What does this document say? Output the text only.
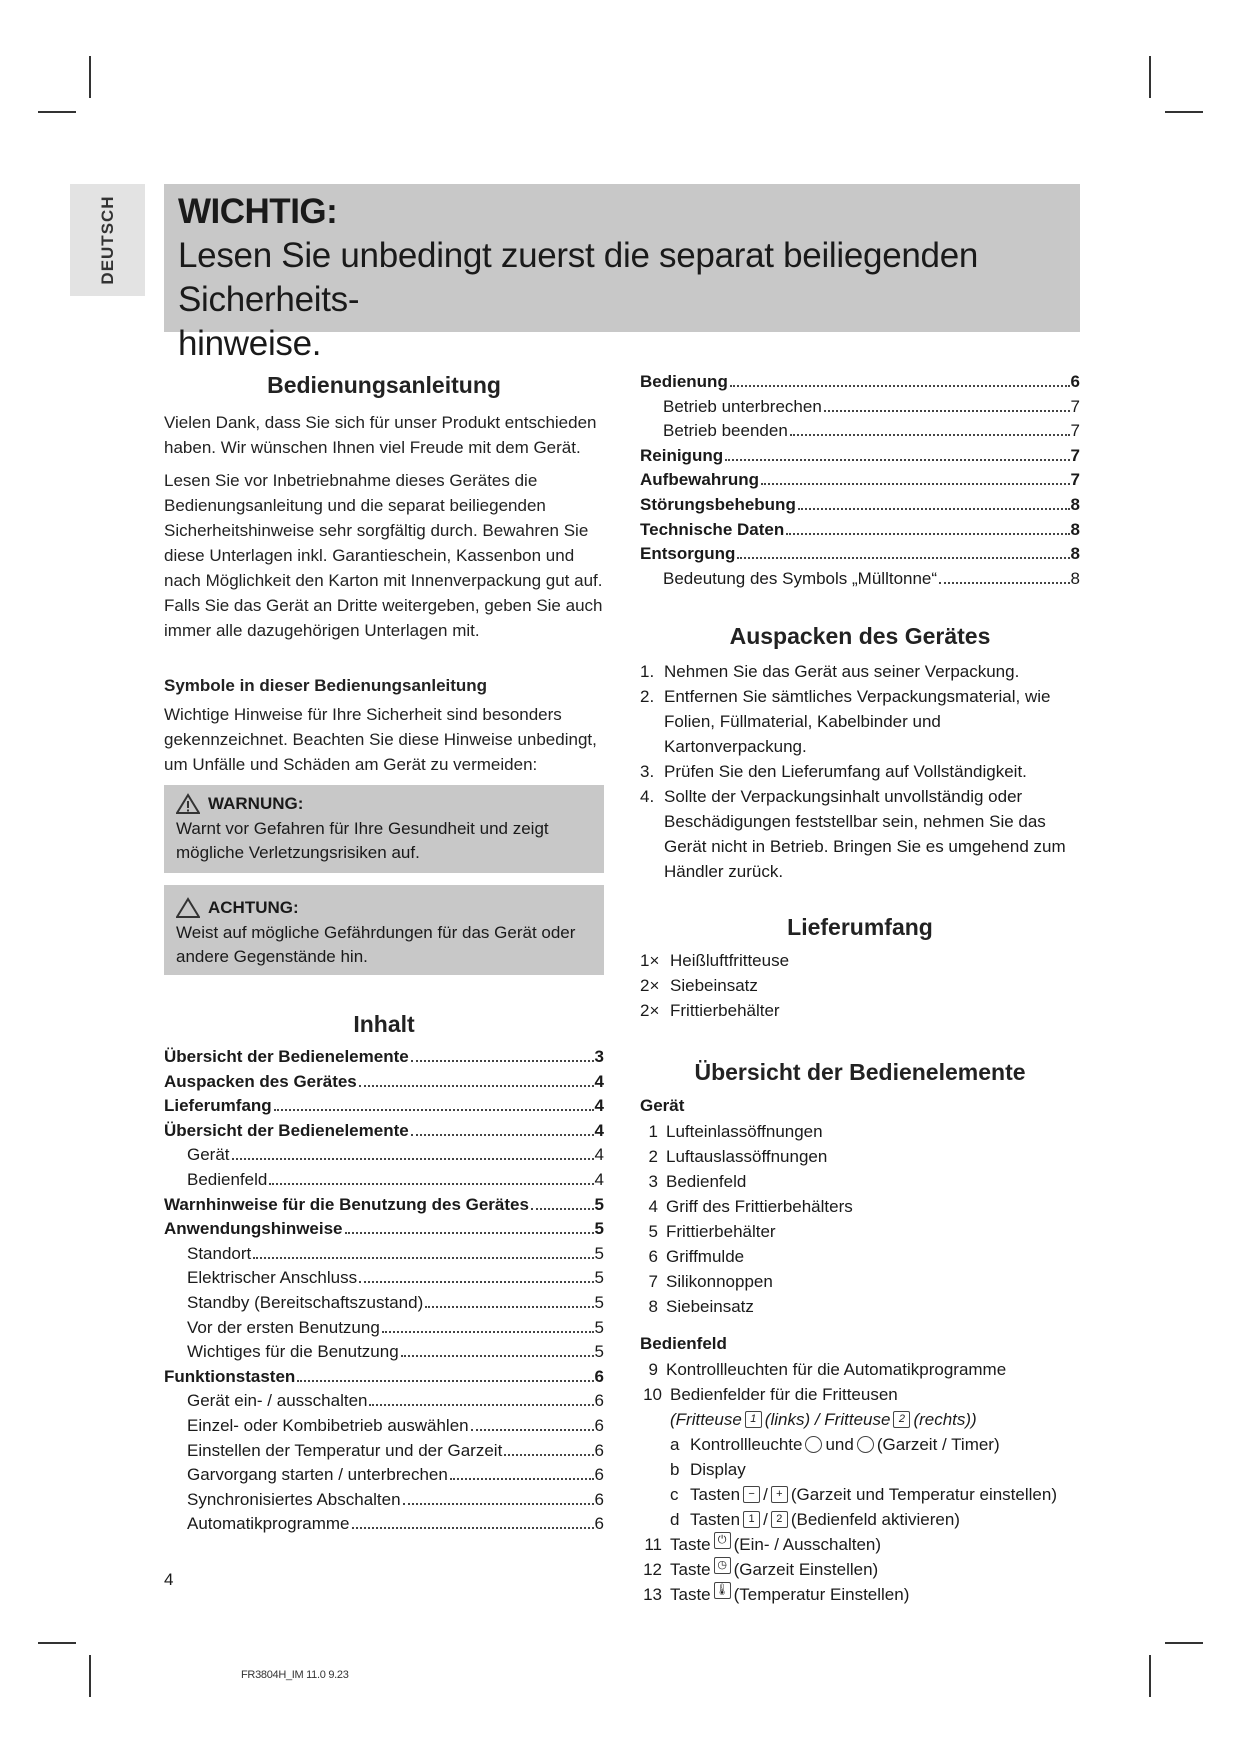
DEUTSCH WICHTIG:
Lesen Sie unbedingt zuerst die separat beiliegenden Sicherheits-
hinweise.
Bedienungsanleitung

Vielen Dank, dass Sie sich für unser Produkt entschieden haben. Wir wünschen Ihnen viel Freude mit dem Gerät.

Lesen Sie vor Inbetriebnahme dieses Gerätes die Bedienungsanleitung und die separat beiliegenden Sicherheitshinweise sehr sorgfältig durch. Bewahren Sie diese Unterlagen inkl. Garantieschein, Kassenbon und nach Möglichkeit den Karton mit Innenverpackung gut auf. Falls Sie das Gerät an Dritte weitergeben, geben Sie auch immer alle dazugehörigen Unterlagen mit.

Symbole in dieser Bedienungsanleitung

Wichtige Hinweise für Ihre Sicherheit sind besonders gekennzeichnet. Beachten Sie diese Hinweise unbedingt, um Unfälle und Schäden am Gerät zu vermeiden:

WARNUNG:
Warnt vor Gefahren für Ihre Gesundheit und zeigt mögliche Verletzungsrisiken auf.
ACHTUNG:
Weist auf mögliche Gefährdungen für das Gerät oder andere Gegenstände hin.
Inhalt
Übersicht der Bedienelemente	3
Auspacken des Gerätes	4
Lieferumfang	4
Übersicht der Bedienelemente	4
Gerät	4
Bedienfeld	4
Warnhinweise für die Benutzung des Gerätes	5
Anwendungshinweise	5
Standort	5
Elektrischer Anschluss	5
Standby (Bereitschaftszustand)	5
Vor der ersten Benutzung	5
Wichtiges für die Benutzung	5
Funktionstasten	6
Gerät ein- / ausschalten	6
Einzel- oder Kombibetrieb auswählen	6
Einstellen der Temperatur und der Garzeit	6
Garvorgang starten / unterbrechen	6
Synchronisiertes Abschalten	6
Automatikprogramme	6
Bedienung	6
Betrieb unterbrechen	7
Betrieb beenden	7
Reinigung	7
Aufbewahrung	7
Störungsbehebung	8
Technische Daten	8
Entsorgung	8
Bedeutung des Symbols „Mülltonne“	8
Auspacken des Gerätes
1. Nehmen Sie das Gerät aus seiner Verpackung.
2. Entfernen Sie sämtliches Verpackungsmaterial, wie Folien, Füllmaterial, Kabelbinder und Kartonverpackung.
3. Prüfen Sie den Lieferumfang auf Vollständigkeit.
4. Sollte der Verpackungsinhalt unvollständig oder Beschädigungen feststellbar sein, nehmen Sie das Gerät nicht in Betrieb. Bringen Sie es umgehend zum Händler zurück.
Lieferumfang
1× Heißluftfritteuse
2× Siebeinsatz
2× Frittierbehälter
Übersicht der Bedienelemente
Gerät
1 Lufteinlassöffnungen
2 Luftauslassöffnungen
3 Bedienfeld
4 Griff des Frittierbehälters
5 Frittierbehälter
6 Griffmulde
7 Silikonnoppen
8 Siebeinsatz
Bedienfeld
9 Kontrollleuchten für die Automatikprogramme
10 Bedienfelder für die Fritteusen
(Fritteuse 1 (links) / Fritteuse 2 (rechts))
a Kontrollleuchte und (Garzeit / Timer)
b Display
c Tasten − / + (Garzeit und Temperatur einstellen)
d Tasten 1 / 2 (Bedienfeld aktivieren)
11 Taste ⏻ (Ein- / Ausschalten)
12 Taste ◷ (Garzeit Einstellen)
13 Taste 🌡 (Temperatur Einstellen)
4
FR3804H_IM 11.0 9.23
